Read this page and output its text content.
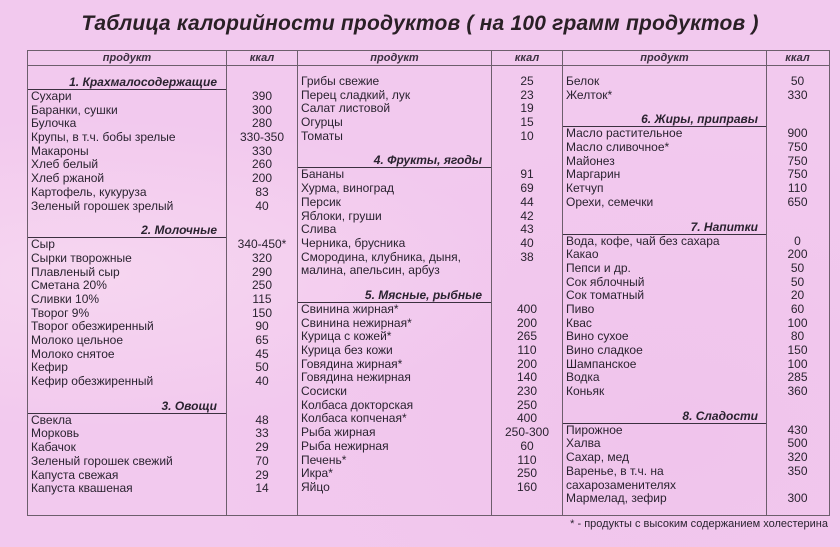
Таблица калорийности продуктов ( на 100 грамм продуктов )
продукт	ккал
1. Крахмалосодержащие
Сухари	390
Баранки, сушки	300
Булочка	280
Крупы, в т.ч. бобы зрелые	330-350
Макароны	330
Хлеб белый	260
Хлеб ржаной	200
Картофель, кукуруза	83
Зеленый горошек зрелый	40
2. Молочные
Сыр	340-450*
Сырки творожные	320
Плавленый сыр	290
Сметана 20%	250
Сливки 10%	115
Творог 9%	150
Творог обезжиренный	90
Молоко цельное	65
Молоко снятое	45
Кефир	50
Кефир обезжиренный	40
3. Овощи
Свекла	48
Морковь	33
Кабачок	29
Зеленый горошек свежий	70
Капуста свежая	29
Капуста квашеная	14
продукт	ккал
Грибы свежие	25
Перец сладкий, лук	23
Салат листовой	19
Огурцы	15
Томаты	10
4. Фрукты, ягоды
Бананы	91
Хурма, виноград	69
Персик	44
Яблоки, груши	42
Слива	43
Черника, брусника	40
Смородина, клубника, дыня,	38
малина, апельсин, арбуз
5. Мясные, рыбные
Свинина жирная*	400
Свинина нежирная*	200
Курица с кожей*	265
Курица без кожи	110
Говядина жирная*	200
Говядина нежирная	140
Сосиски	230
Колбаса докторская	250
Колбаса копченая*	400
Рыба жирная	250-300
Рыба нежирная	60
Печень*	110
Икра*	250
Яйцо	160
продукт	ккал
Белок	50
Желток*	330
6. Жиры, приправы
Масло растительное	900
Масло сливочное*	750
Майонез	750
Маргарин	750
Кетчуп	110
Орехи, семечки	650
7. Напитки
Вода, кофе, чай без сахара	0
Какао	200
Пепси и др.	50
Сок яблочный	50
Сок томатный	20
Пиво	60
Квас	100
Вино сухое	80
Вино сладкое	150
Шампанское	100
Водка	285
Коньяк	360
8. Сладости
Пирожное	430
Халва	500
Сахар, мед	320
Варенье, в т.ч. на	350
сахарозаменителях
Мармелад, зефир	300
* - продукты с высоким содержанием холестерина
